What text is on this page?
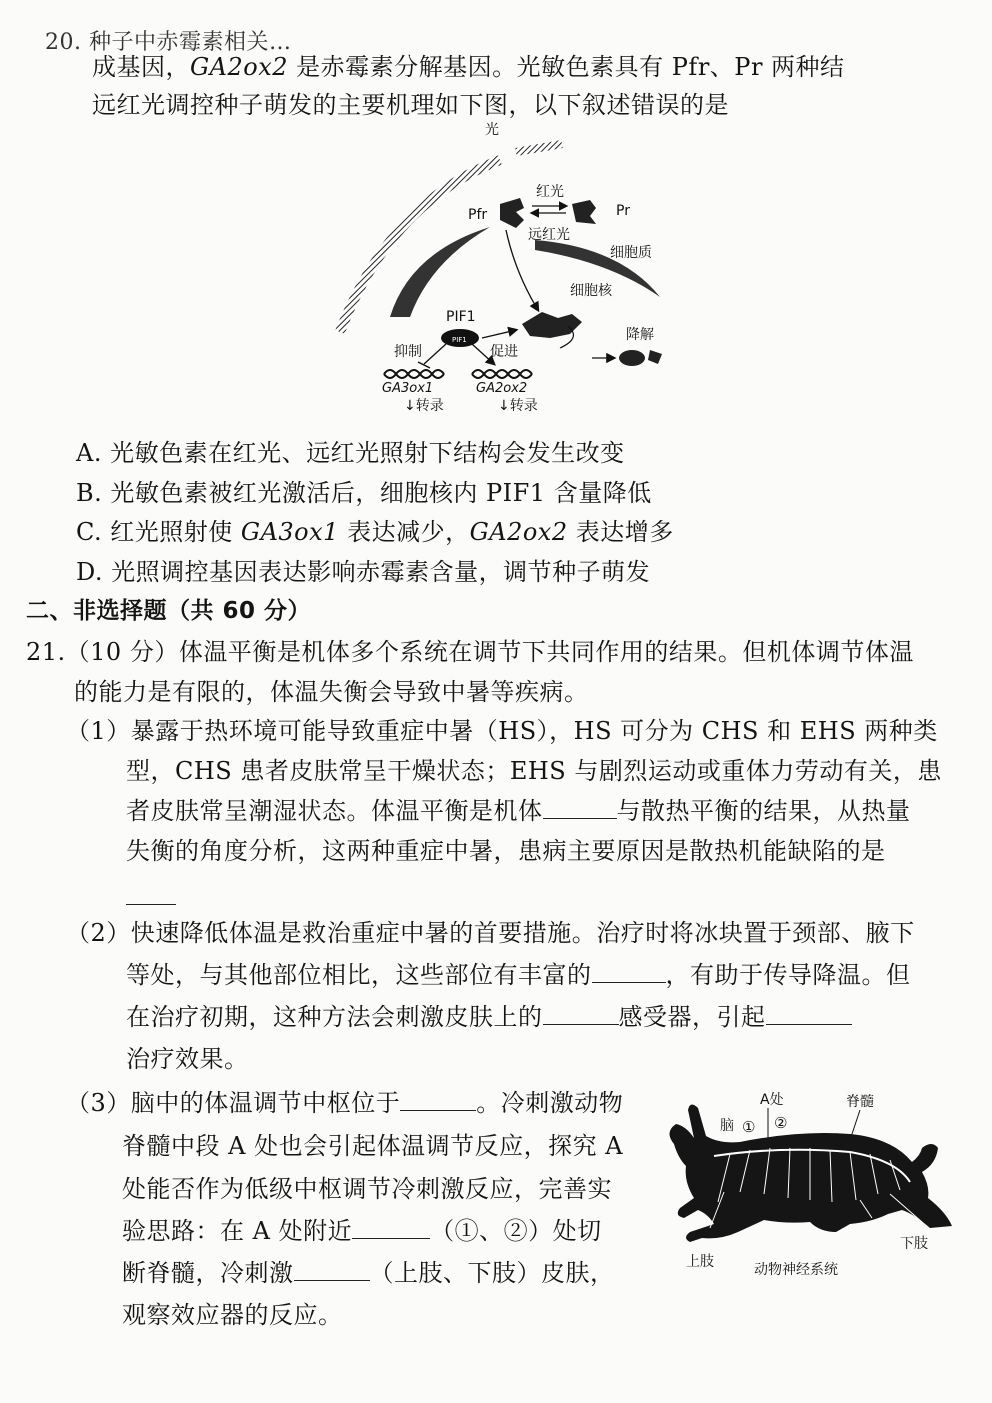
20. 种子中赤霉素相关…
成基因，GA2ox2 是赤霉素分解基因。光敏色素具有 Pfr、Pr 两种结
远红光调控种子萌发的主要机理如下图，以下叙述错误的是
光
Pfr	Pr
红光
远红光
细胞质
细胞核
PIF1
PIF1	降解
抑制	促进
GA3ox1	GA2ox2
↓转录	↓转录
A. 光敏色素在红光、远红光照射下结构会发生改变
B. 光敏色素被红光激活后，细胞核内 PIF1 含量降低
C. 红光照射使 GA3ox1 表达减少，GA2ox2 表达增多
D. 光照调控基因表达影响赤霉素含量，调节种子萌发
二、非选择题（共 60 分）
21.（10 分）体温平衡是机体多个系统在调节下共同作用的结果。但机体调节体温
的能力是有限的，体温失衡会导致中暑等疾病。
（1）暴露于热环境可能导致重症中暑（HS），HS 可分为 CHS 和 EHS 两种类
型，CHS 患者皮肤常呈干燥状态；EHS 与剧烈运动或重体力劳动有关，患
者皮肤常呈潮湿状态。体温平衡是机体	与散热平衡的结果，从热量
失衡的角度分析，这两种重症中暑，患病主要原因是散热机能缺陷的是
（2）快速降低体温是救治重症中暑的首要措施。治疗时将冰块置于颈部、腋下
等处，与其他部位相比，这些部位有丰富的	，有助于传导降温。但
在治疗初期，这种方法会刺激皮肤上的	感受器，引起
治疗效果。
（3）脑中的体温调节中枢位于	。冷刺激动物
脊髓中段 A 处也会引起体温调节反应，探究 A
处能否作为低级中枢调节冷刺激反应，完善实
验思路：在 A 处附近	（①、②）处切
断脊髓，冷刺激	（上肢、下肢）皮肤，
观察效应器的反应。
A处	脊髓
脑 ① ②
上肢
下肢
动物神经系统
